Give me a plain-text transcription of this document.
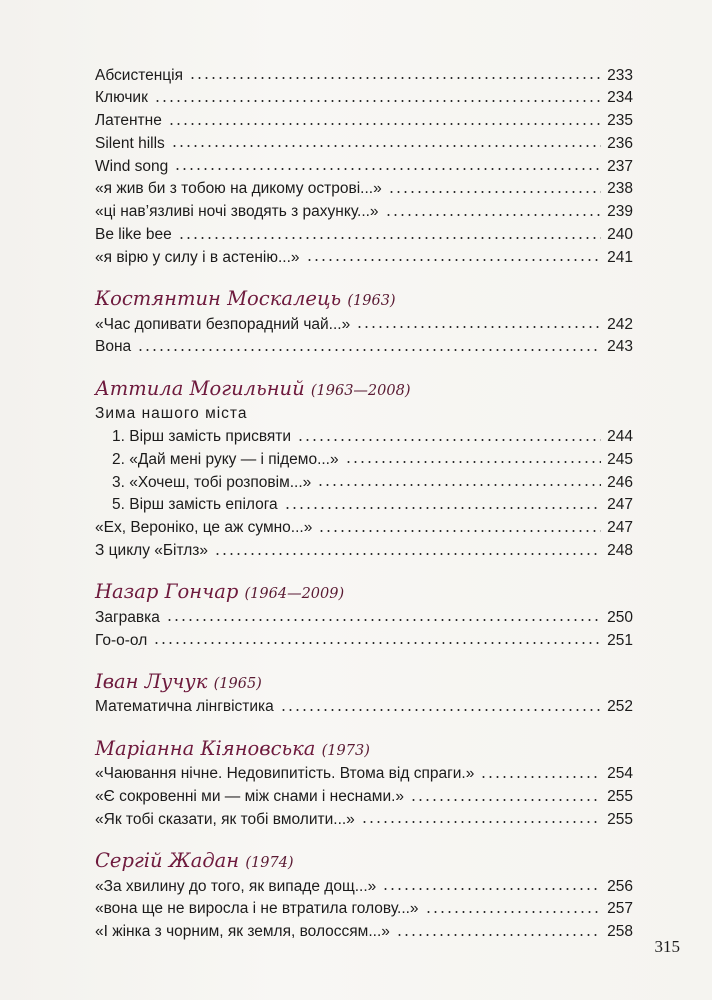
Абсистенція	233
Ключик	234
Латентне	235
Silent hills	236
Wind song	237
«я жив би з тобою на дикому острові...»	238
«ці нав’язливі ночі зводять з рахунку...»	239
Be like bee	240
«я вірю у силу і в астенію...»	241
Костянтин Москалець (1963)
«Час допивати безпорадний чай...»	242
Вона	243
Аттила Могильний (1963—2008)
Зима нашого міста
1. Вірш замість присвяти	244
2. «Дай мені руку — і підемо...»	245
3. «Хочеш, тобі розповім...»	246
5. Вірш замість епілога	247
«Ех, Вероніко, це аж сумно...»	247
З циклу «Бітлз»	248
Назар Гончар (1964—2009)
Загравка	250
Го-о-ол	251
Іван Лучук (1965)
Математична лінгвістика	252
Маріанна Кіяновська (1973)
«Чаювання нічне. Недовипитість. Втома від спраги.»	254
«Є сокровенні ми — між снами і неснами.»	255
«Як тобі сказати, як тобі вмолити...»	255
Сергій Жадан (1974)
«За хвилину до того, як випаде дощ...»	256
«вона ще не виросла і не втратила голову...»	257
«І жінка з чорним, як земля, волоссям...»	258
315
